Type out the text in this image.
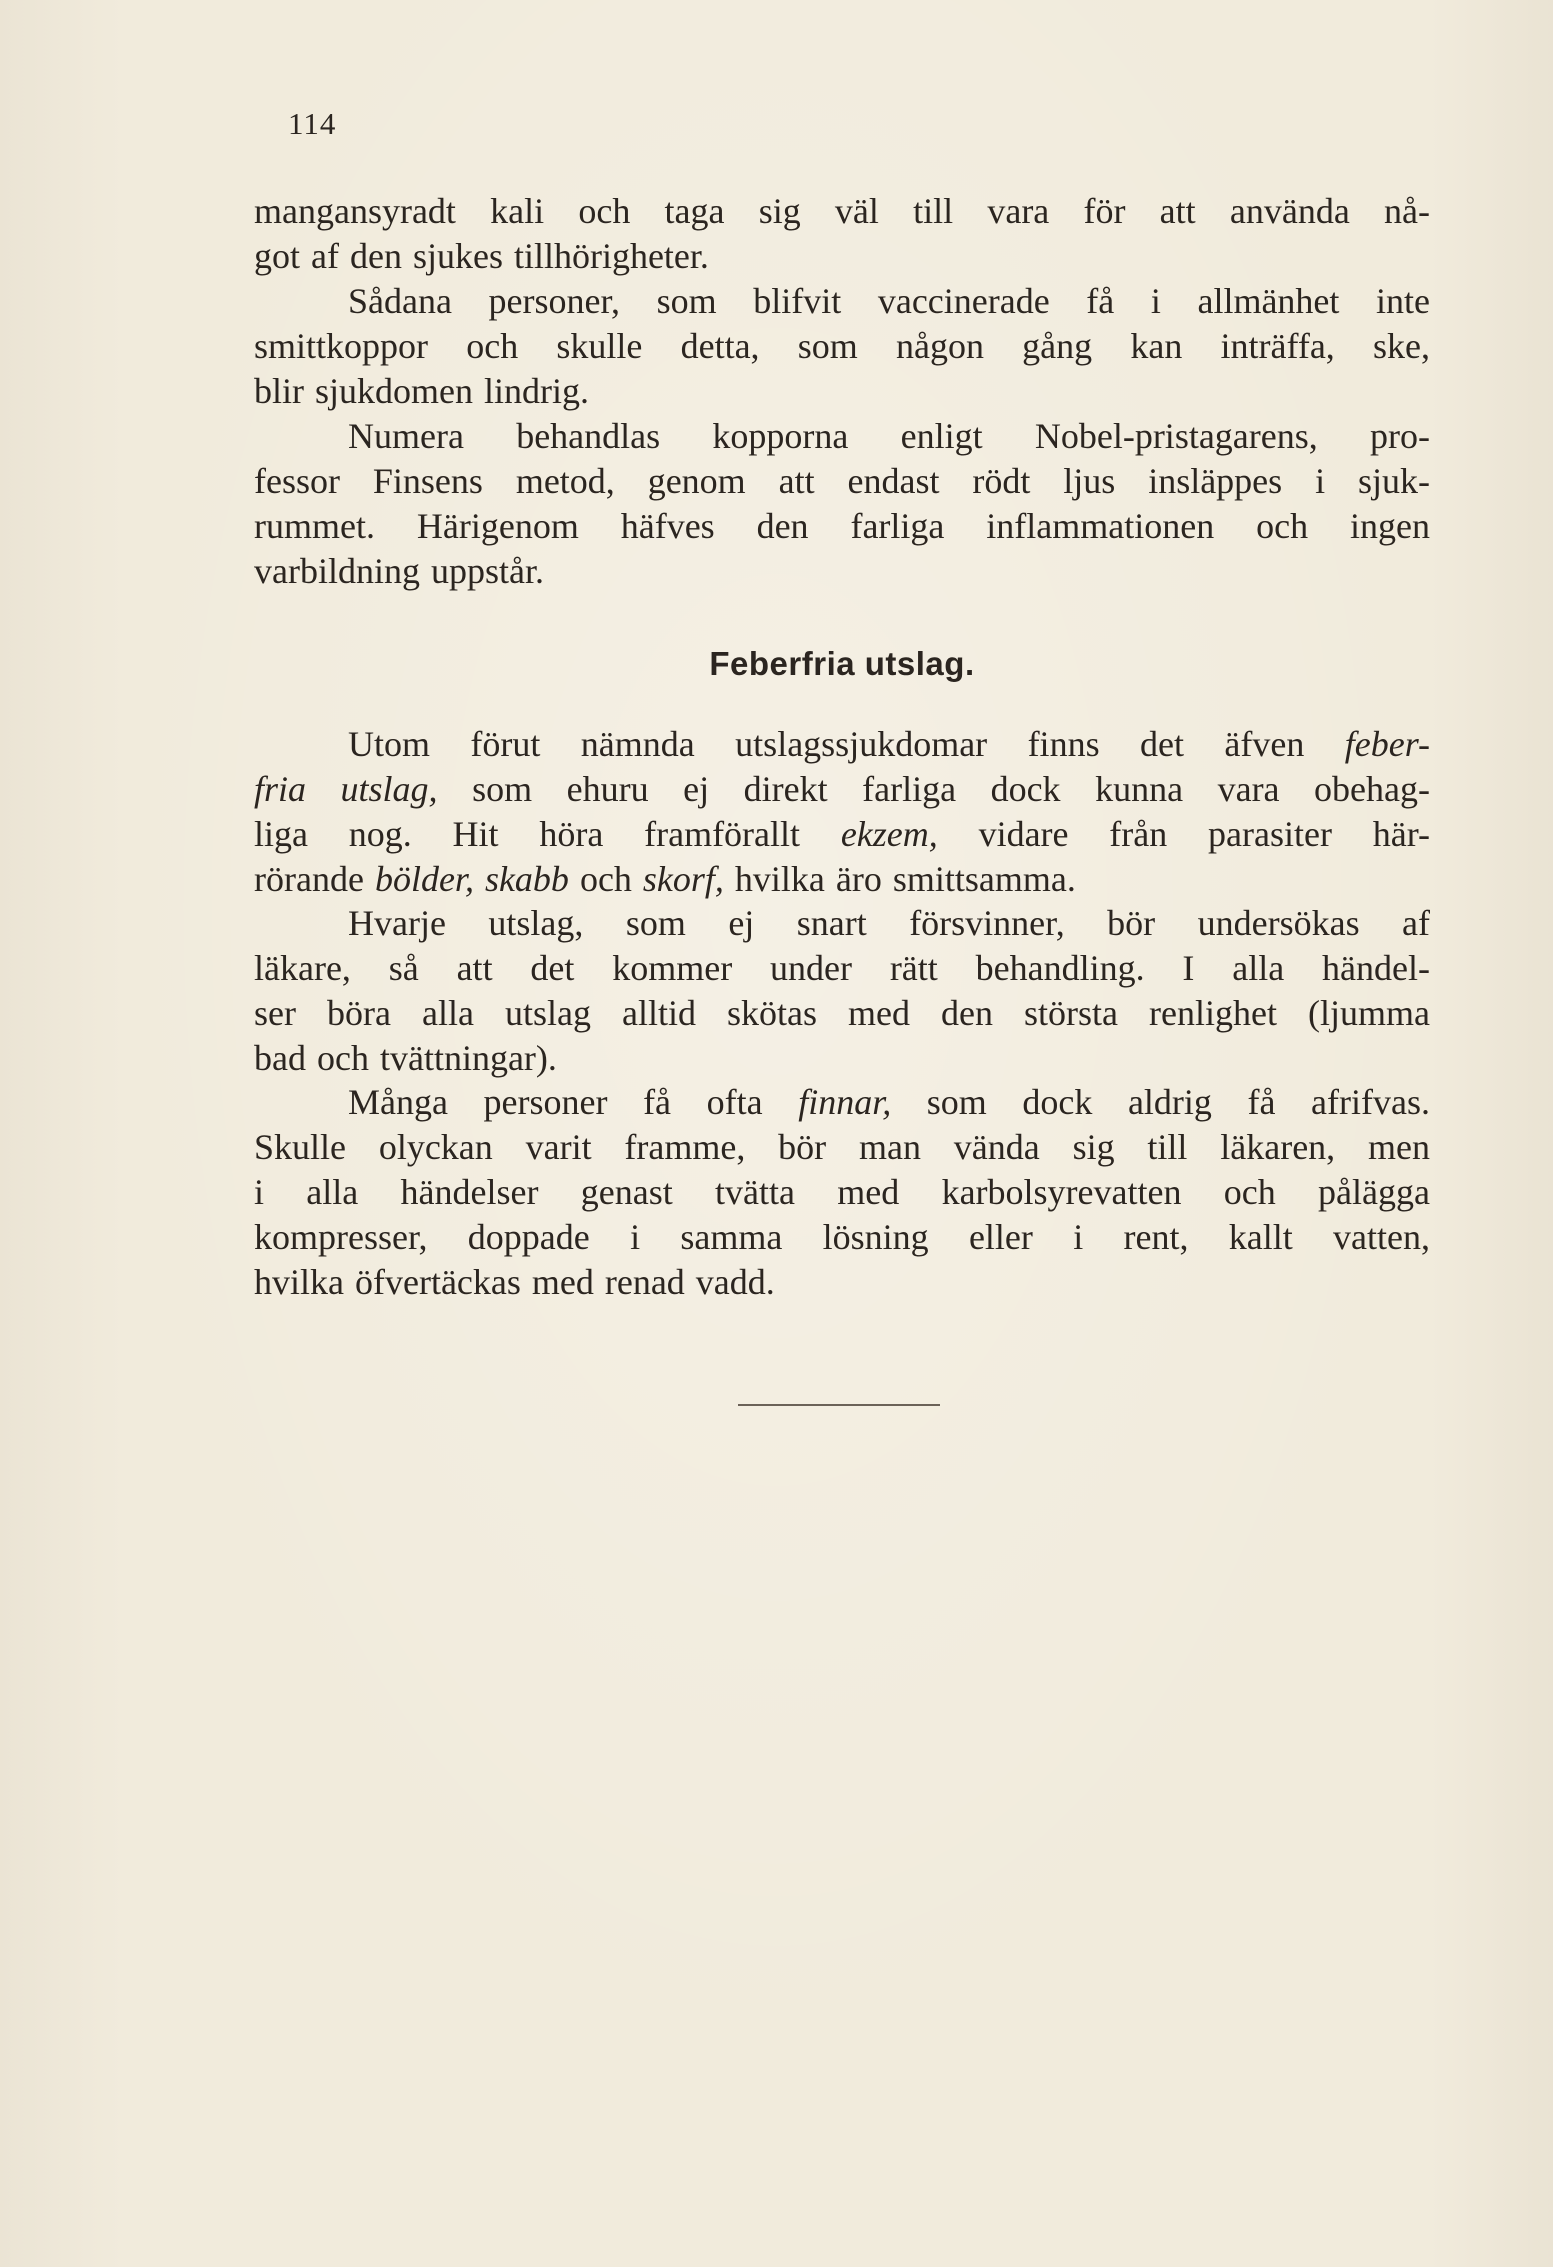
114
mangansyradt kali och taga sig väl till vara för att använda nå-
got af den sjukes tillhörigheter.
Sådana personer, som blifvit vaccinerade få i allmänhet inte
smittkoppor och skulle detta, som någon gång kan inträffa, ske,
blir sjukdomen lindrig.
Numera behandlas kopporna enligt Nobel-pristagarens, pro-
fessor Finsens metod, genom att endast rödt ljus insläppes i sjuk-
rummet. Härigenom häfves den farliga inflammationen och ingen
varbildning uppstår.
Feberfria utslag.
Utom förut nämnda utslagssjukdomar finns det äfven feber-
fria utslag, som ehuru ej direkt farliga dock kunna vara obehag-
liga nog. Hit höra framförallt ekzem, vidare från parasiter här-
rörande bölder, skabb och skorf, hvilka äro smittsamma.
Hvarje utslag, som ej snart försvinner, bör undersökas af
läkare, så att det kommer under rätt behandling. I alla händel-
ser böra alla utslag alltid skötas med den största renlighet (ljumma
bad och tvättningar).
Många personer få ofta finnar, som dock aldrig få afrifvas.
Skulle olyckan varit framme, bör man vända sig till läkaren, men
i alla händelser genast tvätta med karbolsyrevatten och pålägga
kompresser, doppade i samma lösning eller i rent, kallt vatten,
hvilka öfvertäckas med renad vadd.
